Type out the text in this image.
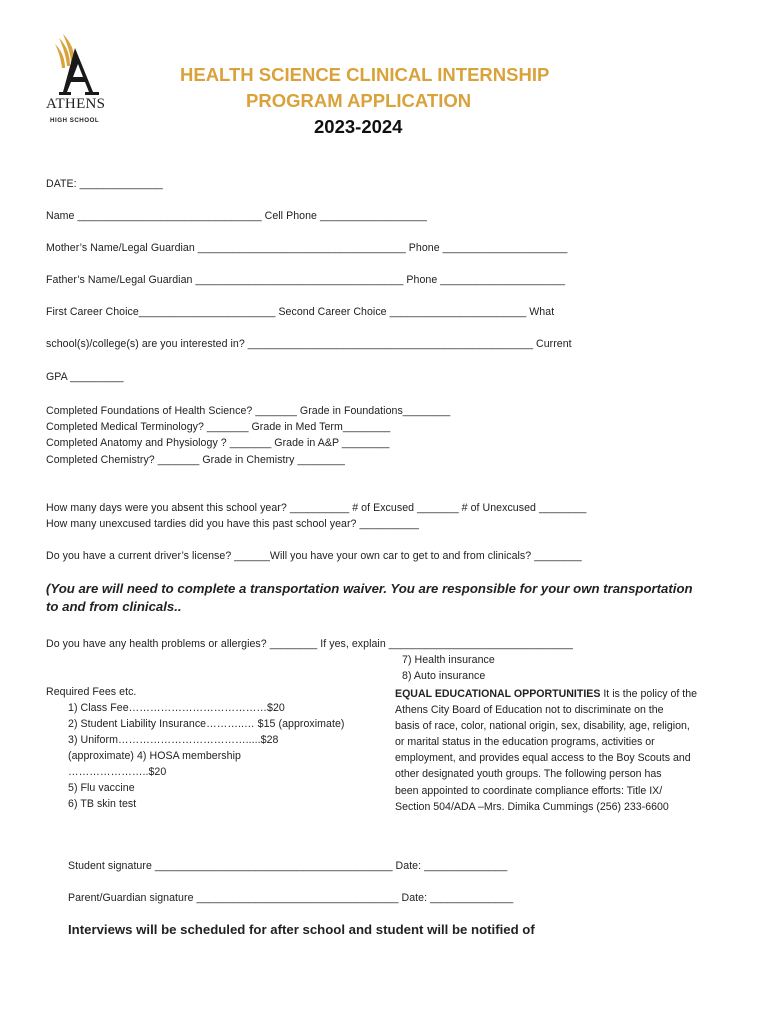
ATHENS
HIGH SCHOOL
HEALTH SCIENCE CLINICAL INTERNSHIP
PROGRAM APPLICATION
2023-2024
DATE: ______________
Name _______________________________ Cell Phone __________________
Mother’s Name/Legal Guardian ___________________________________ Phone _____________________
Father’s Name/Legal Guardian ___________________________________ Phone _____________________
First Career Choice_______________________ Second Career Choice _______________________ What
school(s)/college(s) are you interested in? ________________________________________________ Current
GPA _________
Completed Foundations of Health Science? _______ Grade in Foundations________
Completed Medical Terminology? _______ Grade in Med Term________
Completed Anatomy and Physiology ? _______ Grade in A&P ________
Completed Chemistry? _______ Grade in Chemistry ________
How many days were you absent this school year? __________ # of Excused _______ # of Unexcused ________
How many unexcused tardies did you have this past school year? __________
Do you have a current driver’s license? ______Will you have your own car to get to and from clinicals? ________
(You are will need to complete a transportation waiver. You are responsible for your own transportation
to and from clinicals..
Do you have any health problems or allergies? ________ If yes, explain _______________________________
7) Health insurance
8) Auto insurance
Required Fees etc.
1) Class Fee…………………………………$20
2) Student Liability Insurance………..… $15 (approximate)
3) Uniform……………………………….....$28
(approximate) 4) HOSA membership
…………………..$20
5) Flu vaccine
6) TB skin test
EQUAL EDUCATIONAL OPPORTUNITIES It is the policy of the
Athens City Board of Education not to discriminate on the
basis of race, color, national origin, sex, disability, age, religion,
or marital status in the education programs, activities or
employment, and provides equal access to the Boy Scouts and
other designated youth groups. The following person has
been appointed to coordinate compliance efforts: Title IX/
Section 504/ADA –Mrs. Dimika Cummings (256) 233-6600
Student signature ________________________________________ Date: ______________
Parent/Guardian signature __________________________________ Date: ______________
Interviews will be scheduled for after school and student will be notified of
